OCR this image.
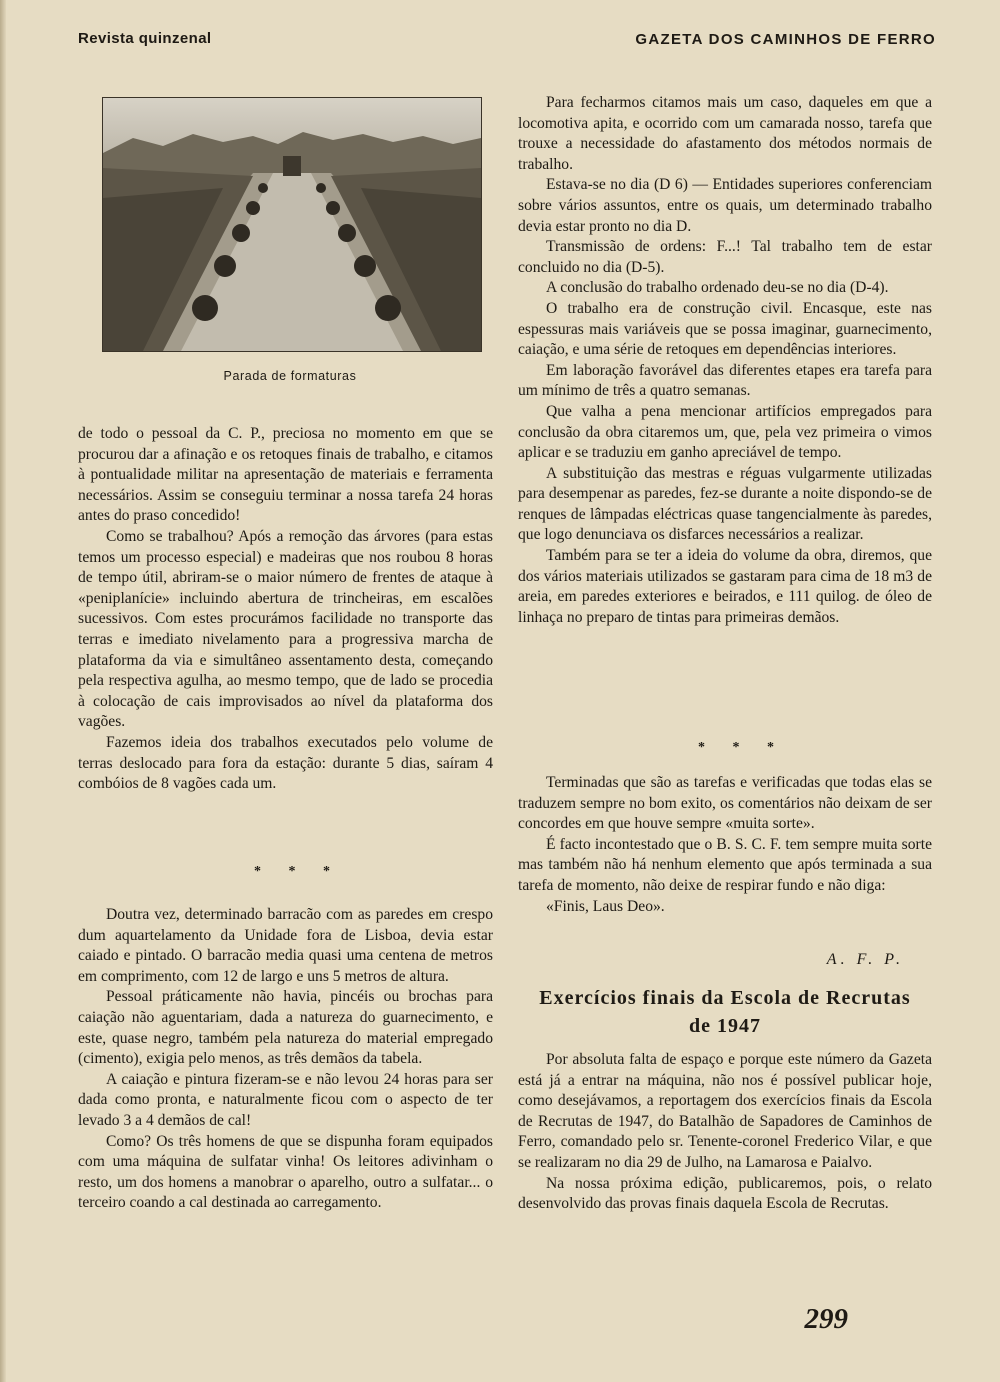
Revista quinzenal	GAZETA DOS CAMINHOS DE FERRO
Parada de formaturas

de todo o pessoal da C. P., preciosa no momento em que se procurou dar a afinação e os retoques finais de trabalho, e citamos à pontualidade militar na apresentação de materiais e ferramenta necessários. Assim se conseguiu terminar a nossa tarefa 24 horas antes do praso concedido!

Como se trabalhou? Após a remoção das árvores (para estas temos um processo especial) e madeiras que nos roubou 8 horas de tempo útil, abriram-se o maior número de frentes de ataque à «peniplanície» incluindo abertura de trincheiras, em escalões sucessivos. Com estes procurámos facilidade no transporte das terras e imediato nivelamento para a progressiva marcha de plataforma da via e simultâneo assentamento desta, começando pela respectiva agulha, ao mesmo tempo, que de lado se procedia à colocação de cais improvisados ao nível da plataforma dos vagões.

Fazemos ideia dos trabalhos executados pelo volume de terras deslocado para fora da estação: durante 5 dias, saíram 4 combóios de 8 vagões cada um.

* * *

Doutra vez, determinado barracão com as paredes em crespo dum aquartelamento da Unidade fora de Lisboa, devia estar caiado e pintado. O barracão media quasi uma centena de metros em comprimento, com 12 de largo e uns 5 metros de altura.

Pessoal práticamente não havia, pincéis ou brochas para caiação não aguentariam, dada a natureza do guarnecimento, e este, quase negro, também pela natureza do material empregado (cimento), exigia pelo menos, as três demãos da tabela.

A caiação e pintura fizeram-se e não levou 24 horas para ser dada como pronta, e naturalmente ficou com o aspecto de ter levado 3 a 4 demãos de cal!

Como? Os três homens de que se dispunha foram equipados com uma máquina de sulfatar vinha! Os leitores adivinham o resto, um dos homens a manobrar o aparelho, outro a sulfatar... o terceiro coando a cal destinada ao carregamento.

Para fecharmos citamos mais um caso, daqueles em que a locomotiva apita, e ocorrido com um camarada nosso, tarefa que trouxe a necessidade do afastamento dos métodos normais de trabalho.

Estava-se no dia (D 6) — Entidades superiores conferenciam sobre vários assuntos, entre os quais, um determinado trabalho devia estar pronto no dia D.

Transmissão de ordens: F...! Tal trabalho tem de estar concluido no dia (D-5).

A conclusão do trabalho ordenado deu-se no dia (D-4).

O trabalho era de construção civil. Encasque, este nas espessuras mais variáveis que se possa imaginar, guarnecimento, caiação, e uma série de retoques em dependências interiores.

Em laboração favorável das diferentes etapes era tarefa para um mínimo de três a quatro semanas.

Que valha a pena mencionar artifícios empregados para conclusão da obra citaremos um, que, pela vez primeira o vimos aplicar e se traduziu em ganho apreciável de tempo.

A substituição das mestras e réguas vulgarmente utilizadas para desempenar as paredes, fez-se durante a noite dispondo-se de renques de lâmpadas eléctricas quase tangencialmente às paredes, que logo denunciava os disfarces necessários a realizar.

Também para se ter a ideia do volume da obra, diremos, que dos vários materiais utilizados se gastaram para cima de 18 m3 de areia, em paredes exteriores e beirados, e 111 quilog. de óleo de linhaça no preparo de tintas para primeiras demãos.

* * *

Terminadas que são as tarefas e verificadas que todas elas se traduzem sempre no bom exito, os comentários não deixam de ser concordes em que houve sempre «muita sorte».

É facto incontestado que o B. S. C. F. tem sempre muita sorte mas também não há nenhum elemento que após terminada a sua tarefa de momento, não deixe de respirar fundo e não diga:

«Finis, Laus Deo».

A. F. P.
Exercícios finais da Escola de Recrutas
de 1947

Por absoluta falta de espaço e porque este número da Gazeta está já a entrar na máquina, não nos é possível publicar hoje, como desejávamos, a reportagem dos exercícios finais da Escola de Recrutas de 1947, do Batalhão de Sapadores de Caminhos de Ferro, comandado pelo sr. Tenente-coronel Frederico Vilar, e que se realizaram no dia 29 de Julho, na Lamarosa e Paialvo.

Na nossa próxima edição, publicaremos, pois, o relato desenvolvido das provas finais daquela Escola de Recrutas.

299
